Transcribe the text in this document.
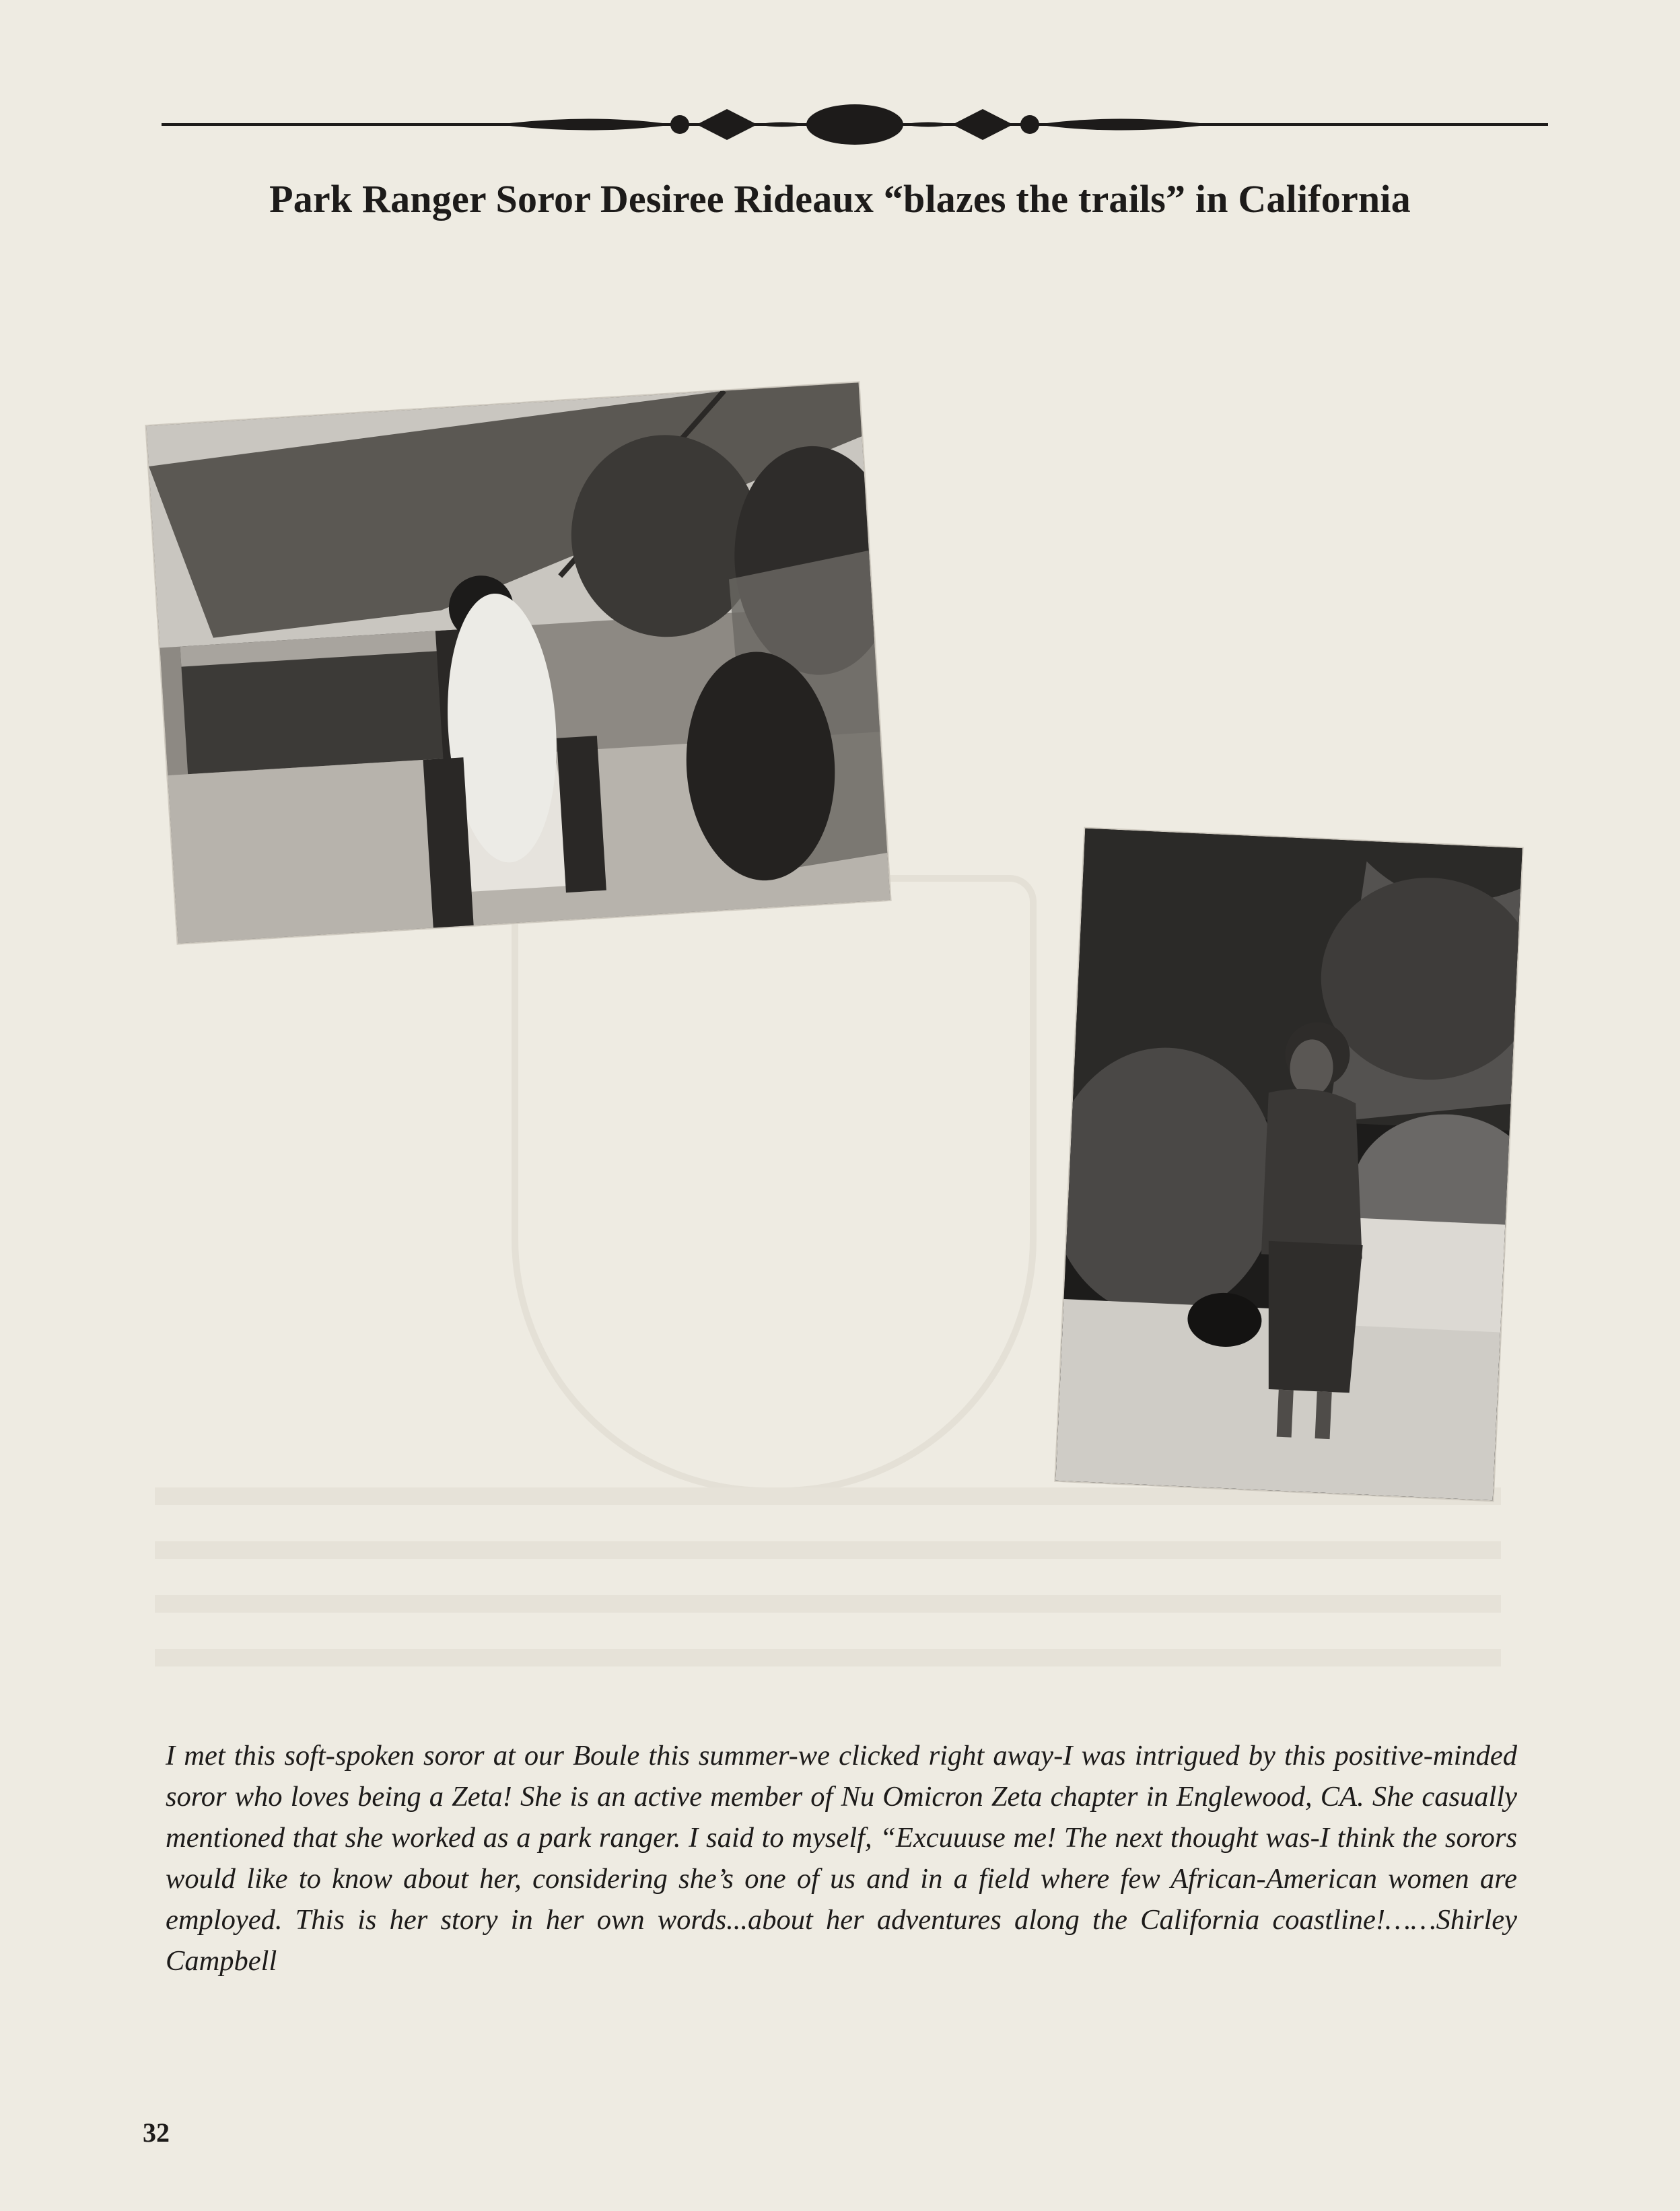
Park Ranger Soror Desiree Rideaux “blazes the trails” in California
I met this soft-spoken soror at our Boule this summer-we clicked right away-I was intrigued by this positive-minded soror who loves being a Zeta! She is an active member of Nu Omicron Zeta chapter in Englewood, CA. She casually mentioned that she worked as a park ranger. I said to myself, “Excuuuse me! The next thought was-I think the sorors would like to know about her, considering she’s one of us and in a field where few African-American women are employed. This is her story in her own words...about her adventures along the California coastline!……Shirley Campbell
32
